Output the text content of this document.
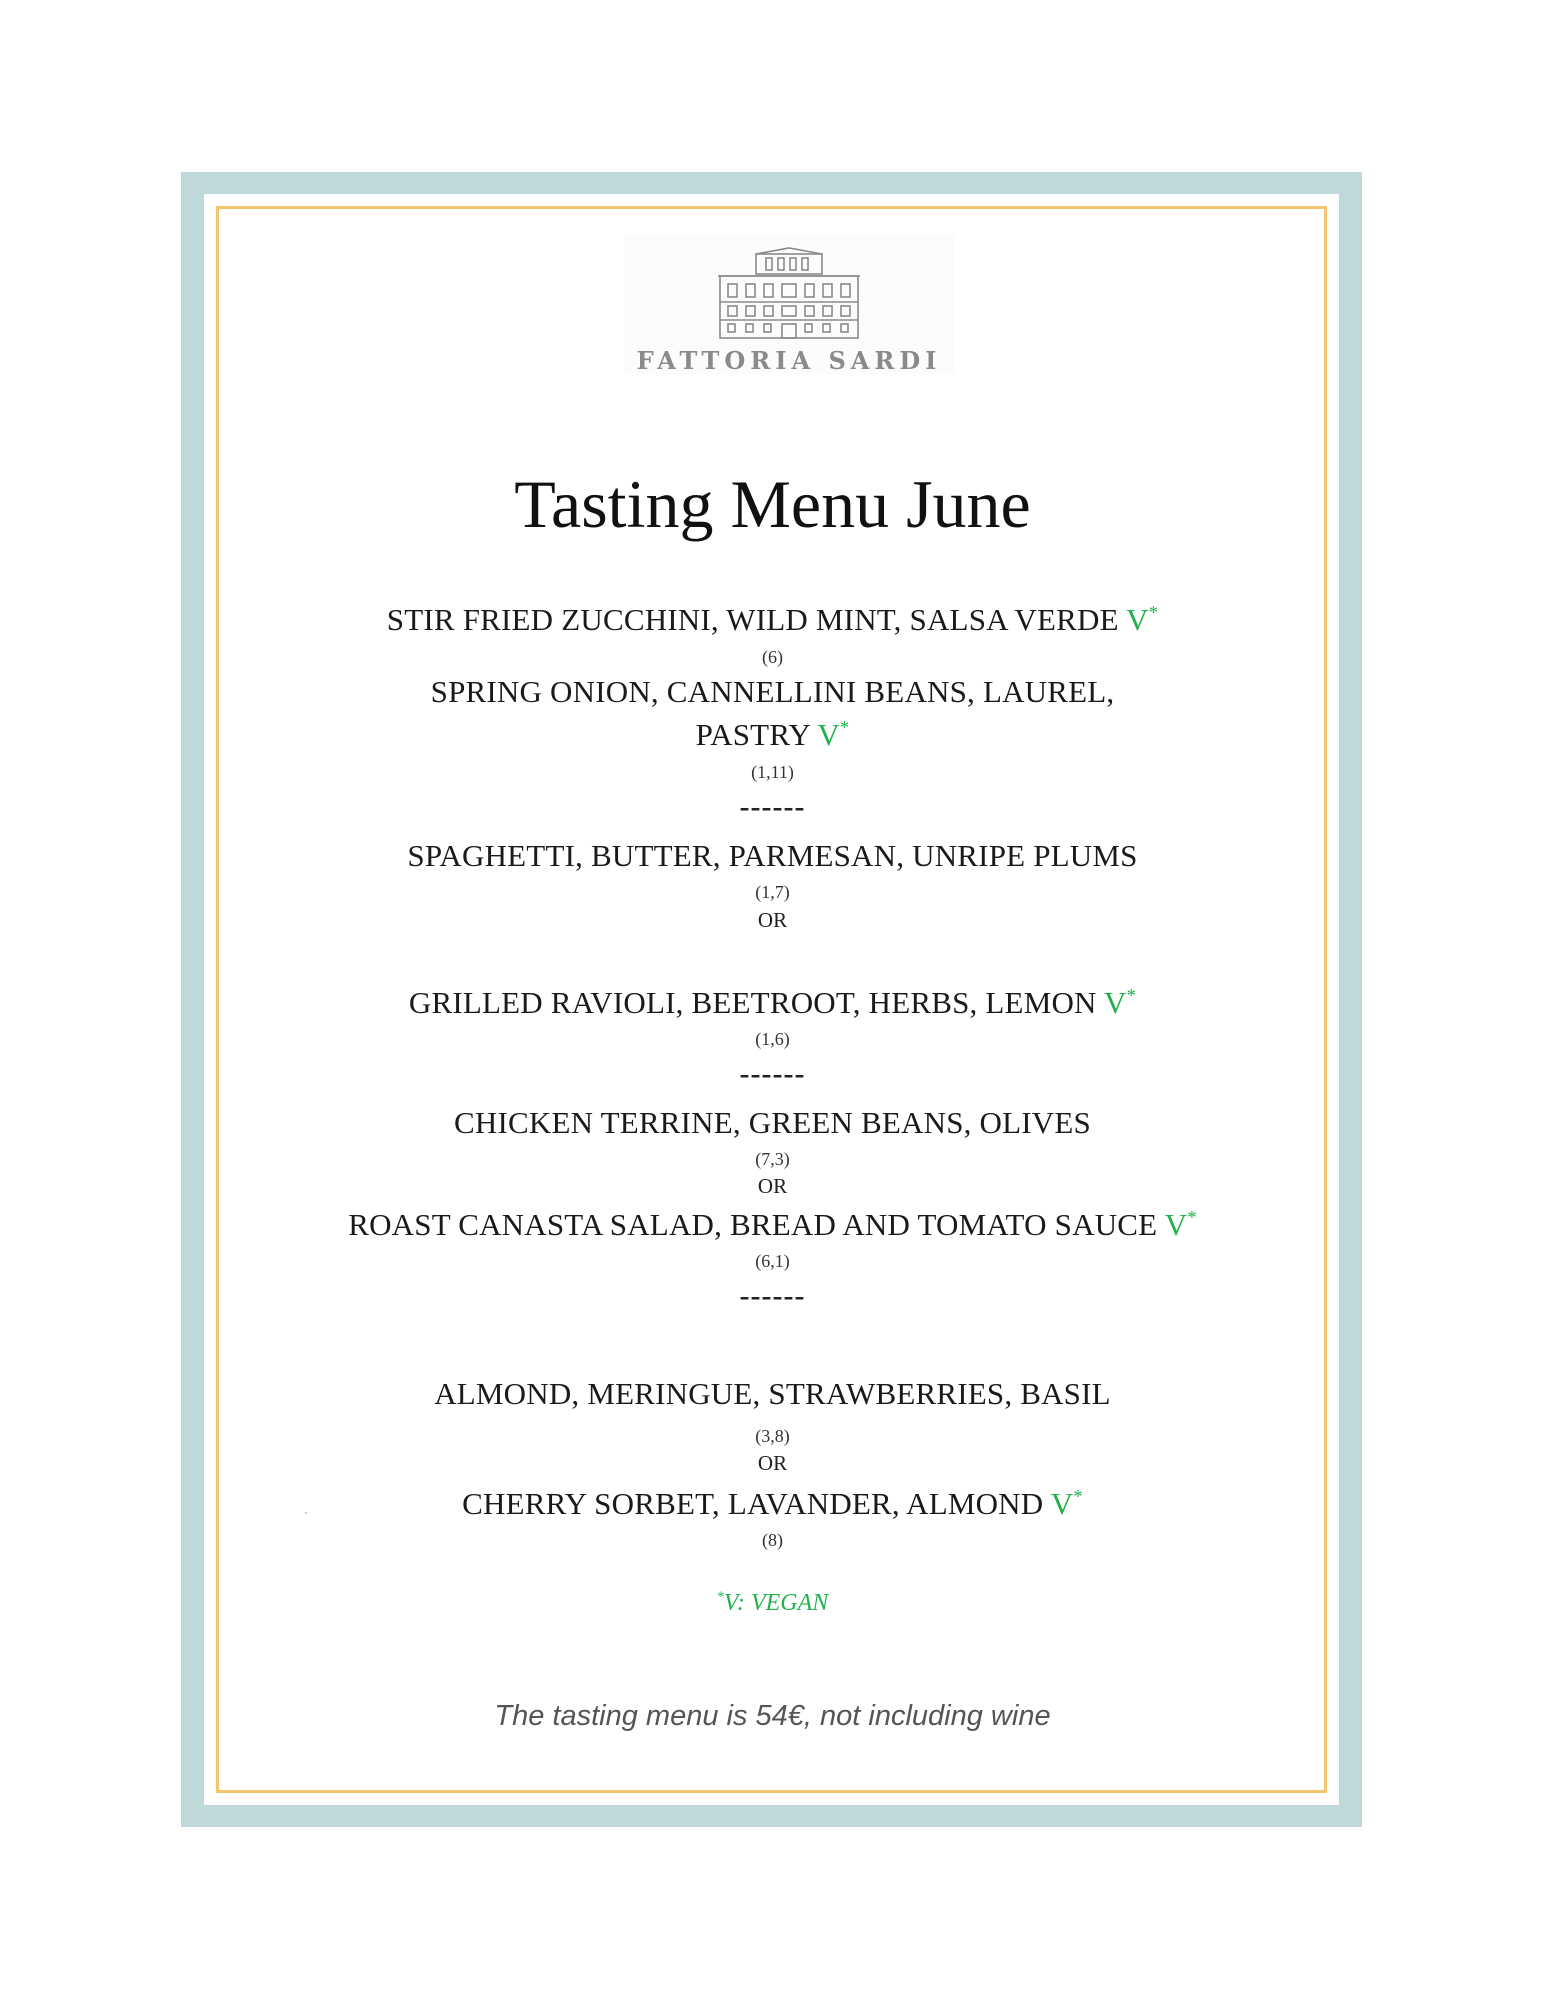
FATTORIA SARDI
Tasting Menu June
STIR FRIED ZUCCHINI, WILD MINT, SALSA VERDE V*
(6)
SPRING ONION, CANNELLINI BEANS, LAUREL,
PASTRY V*
(1,11)
------
SPAGHETTI, BUTTER, PARMESAN, UNRIPE PLUMS
(1,7)
OR
GRILLED RAVIOLI, BEETROOT, HERBS, LEMON V*
(1,6)
------
CHICKEN TERRINE, GREEN BEANS, OLIVES
(7,3)
OR
ROAST CANASTA SALAD, BREAD AND TOMATO SAUCE V*
(6,1)
------
ALMOND, MERINGUE, STRAWBERRIES, BASIL
(3,8)
OR
CHERRY SORBET, LAVANDER, ALMOND V*
(8)
*V: VEGAN
The tasting menu is 54€, not including wine
